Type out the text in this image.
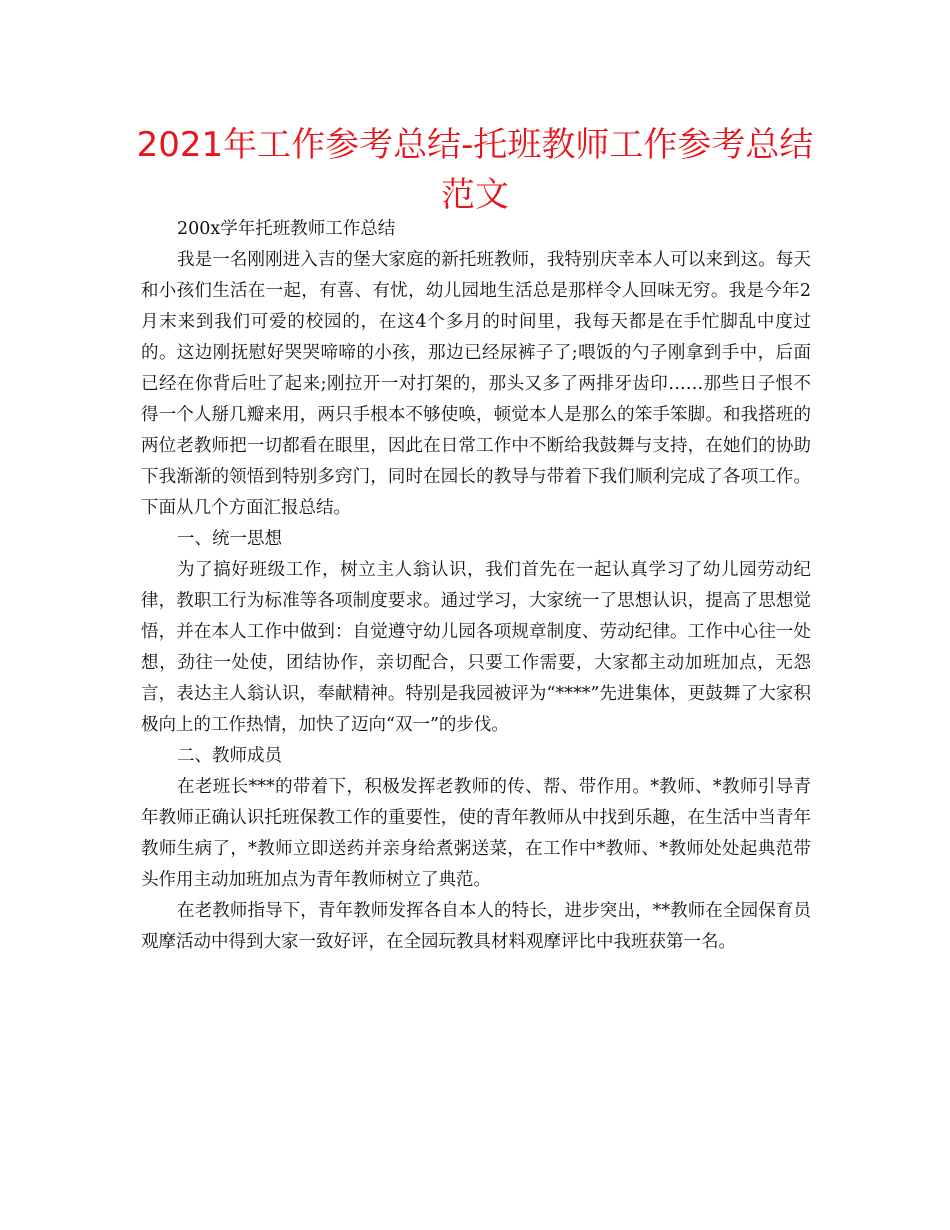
2021年工作参考总结-托班教师工作参考总结范文

200x学年托班教师工作总结

我是一名刚刚进入吉的堡大家庭的新托班教师，我特别庆幸本人可以来到这。每天和小孩们生活在一起，有喜、有忧，幼儿园地生活总是那样令人回味无穷。我是今年2月末来到我们可爱的校园的，在这4个多月的时间里，我每天都是在手忙脚乱中度过的。这边刚抚慰好哭哭啼啼的小孩，那边已经尿裤子了;喂饭的勺子刚拿到手中，后面已经在你背后吐了起来;刚拉开一对打架的，那头又多了两排牙齿印……那些日子恨不得一个人掰几瓣来用，两只手根本不够使唤，顿觉本人是那么的笨手笨脚。和我搭班的两位老教师把一切都看在眼里，因此在日常工作中不断给我鼓舞与支持，在她们的协助下我渐渐的领悟到特别多窍门，同时在园长的教导与带着下我们顺利完成了各项工作。下面从几个方面汇报总结。

一、统一思想

为了搞好班级工作，树立主人翁认识，我们首先在一起认真学习了幼儿园劳动纪律，教职工行为标准等各项制度要求。通过学习，大家统一了思想认识，提高了思想觉悟，并在本人工作中做到：自觉遵守幼儿园各项规章制度、劳动纪律。工作中心往一处想，劲往一处使，团结协作，亲切配合，只要工作需要，大家都主动加班加点，无怨言，表达主人翁认识，奉献精神。特别是我园被评为“****”先进集体，更鼓舞了大家积极向上的工作热情，加快了迈向“双一”的步伐。

二、教师成员

在老班长***的带着下，积极发挥老教师的传、帮、带作用。*教师、*教师引导青年教师正确认识托班保教工作的重要性，使的青年教师从中找到乐趣，在生活中当青年教师生病了，*教师立即送药并亲身给煮粥送菜，在工作中*教师、*教师处处起典范带头作用主动加班加点为青年教师树立了典范。

在老教师指导下，青年教师发挥各自本人的特长，进步突出，**教师在全园保育员观摩活动中得到大家一致好评，在全园玩教具材料观摩评比中我班获第一名。
